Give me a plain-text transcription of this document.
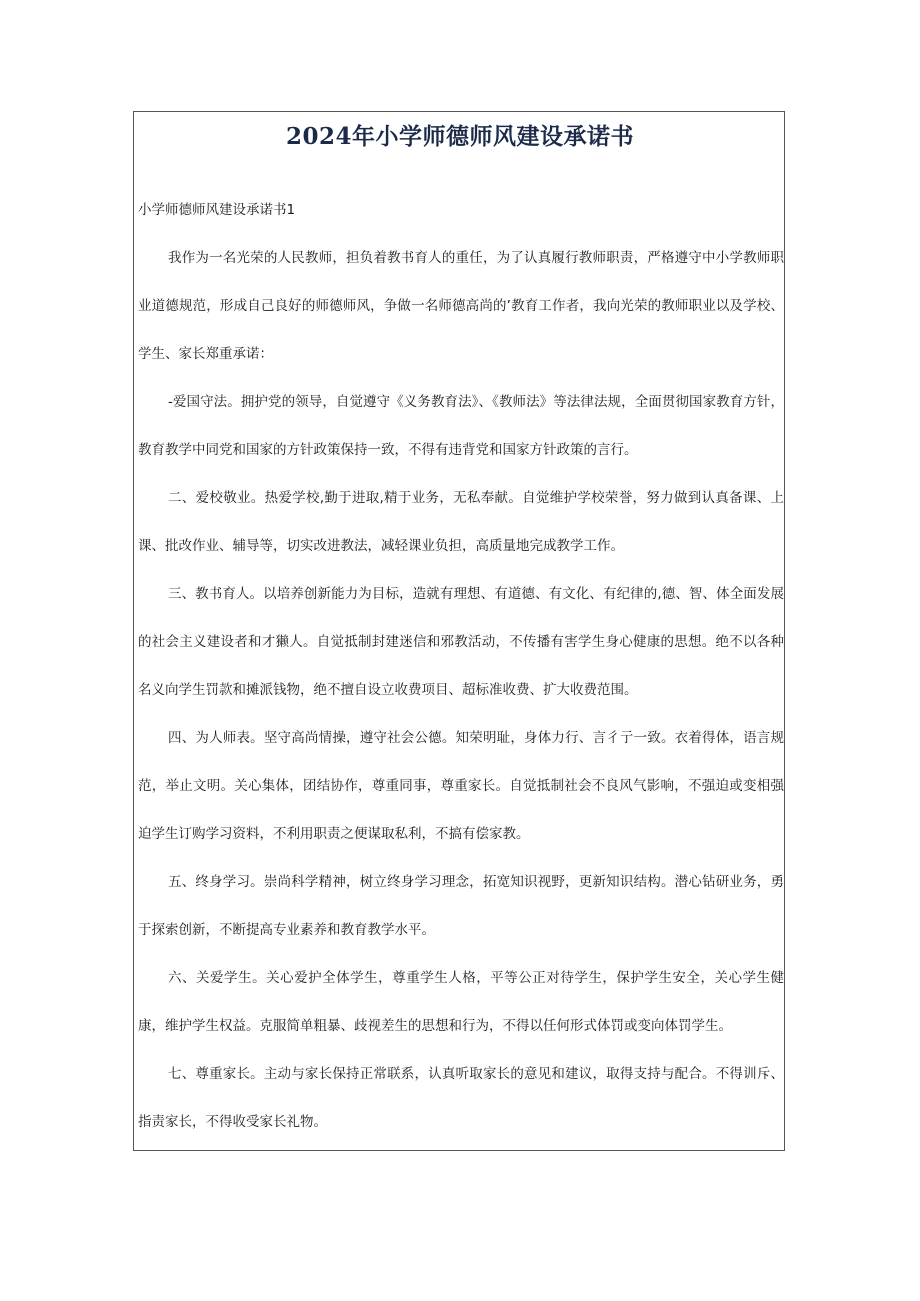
2024年小学师德师风建设承诺书

小学师德师风建设承诺书1

我作为一名光荣的人民教师，担负着教书育人的重任，为了认真履行教师职责，严格遵守中小学教师职业道德规范，形成自己良好的师德师风，争做一名师德高尚的’教育工作者，我向光荣的教师职业以及学校、学生、家长郑重承诺：

-爱国守法。拥护党的领导，自觉遵守《义务教育法》、《教师法》等法律法规，全面贯彻国家教育方针，教育教学中同党和国家的方针政策保持一致，不得有违背党和国家方针政策的言行。

二、爱校敬业。热爱学校,勤于进取,精于业务，无私奉献。自觉维护学校荣誉，努力做到认真备课、上课、批改作业、辅导等，切实改进教法，减轻课业负担，高质量地完成教学工作。

三、教书育人。以培养创新能力为目标，造就有理想、有道德、有文化、有纪律的,德、智、体全面发展的社会主义建设者和才獭人。自觉抵制封建迷信和邪教活动，不传播有害学生身心健康的思想。绝不以各种名义向学生罚款和摊派钱物，绝不擅自设立收费项目、超标准收费、扩大收费范围。

四、为人师表。坚守高尚情操，遵守社会公德。知荣明耻，身体力行、言彳亍一致。衣着得体，语言规范，举止文明。关心集体，团结协作，尊重同事，尊重家长。自觉抵制社会不良风气影响，不强迫或变相强迫学生订购学习资料，不利用职责之便谋取私利，不搞有偿家教。

五、终身学习。崇尚科学精神，树立终身学习理念，拓宽知识视野，更新知识结构。潜心钻研业务，勇于探索创新，不断提高专业素养和教育教学水平。

六、关爱学生。关心爱护全体学生，尊重学生人格，平等公正对待学生，保护学生安全，关心学生健康，维护学生权益。克服简单粗暴、歧视差生的思想和行为，不得以任何形式体罚或变向体罚学生。

七、尊重家长。主动与家长保持正常联系，认真听取家长的意见和建议，取得支持与配合。不得训斥、指责家长，不得收受家长礼物。
